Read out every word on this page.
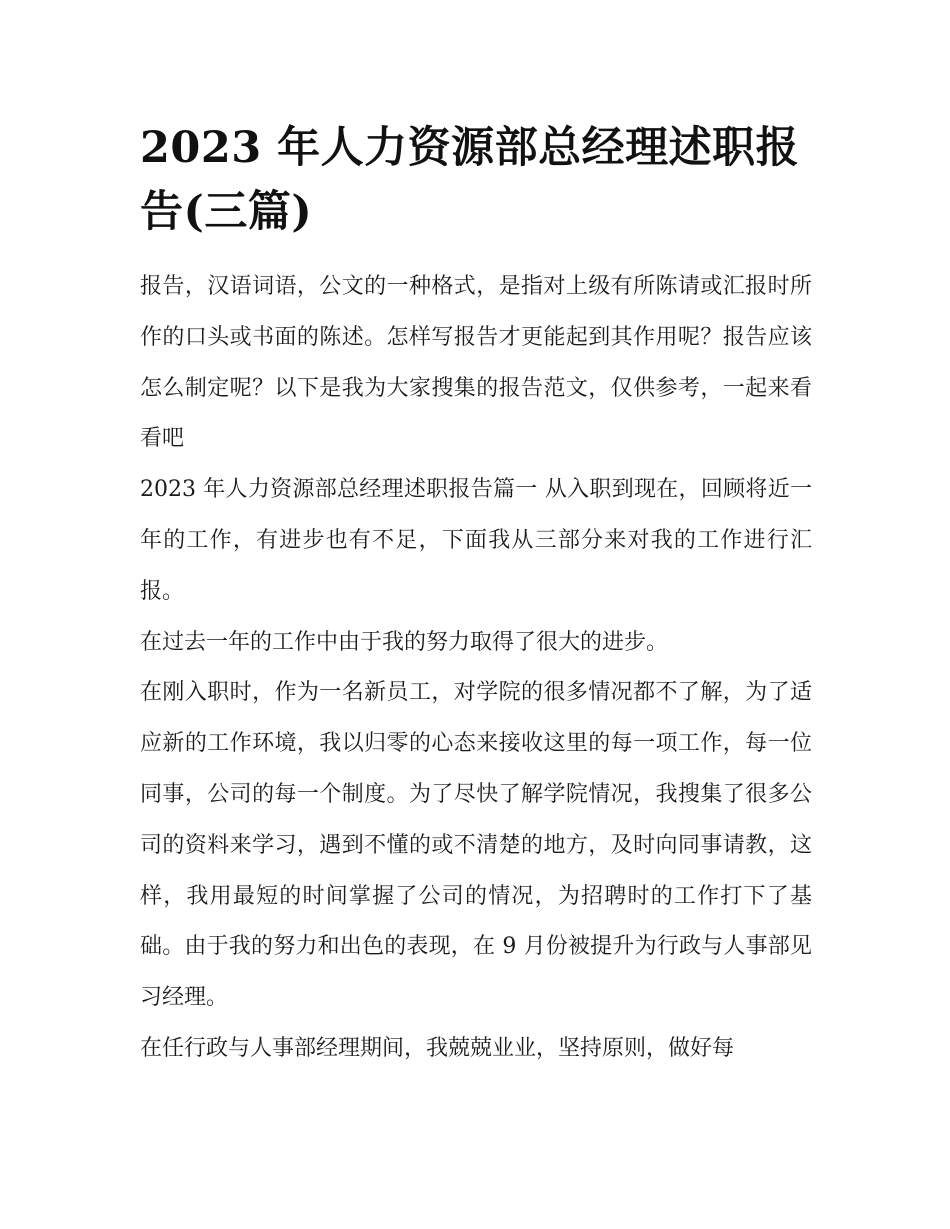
2023 年人力资源部总经理述职报告(三篇)

报告，汉语词语，公文的一种格式，是指对上级有所陈请或汇报时所作的口头或书面的陈述。怎样写报告才更能起到其作用呢？报告应该怎么制定呢？以下是我为大家搜集的报告范文，仅供参考，一起来看看吧

2023 年人力资源部总经理述职报告篇一 从入职到现在，回顾将近一年的工作，有进步也有不足，下面我从三部分来对我的工作进行汇报。

在过去一年的工作中由于我的努力取得了很大的进步。

在刚入职时，作为一名新员工，对学院的很多情况都不了解，为了适应新的工作环境，我以归零的心态来接收这里的每一项工作，每一位同事，公司的每一个制度。为了尽快了解学院情况，我搜集了很多公司的资料来学习，遇到不懂的或不清楚的地方，及时向同事请教，这样，我用最短的时间掌握了公司的情况，为招聘时的工作打下了基础。由于我的努力和出色的表现，在 9 月份被提升为行政与人事部见习经理。

在任行政与人事部经理期间，我兢兢业业，坚持原则，做好每
